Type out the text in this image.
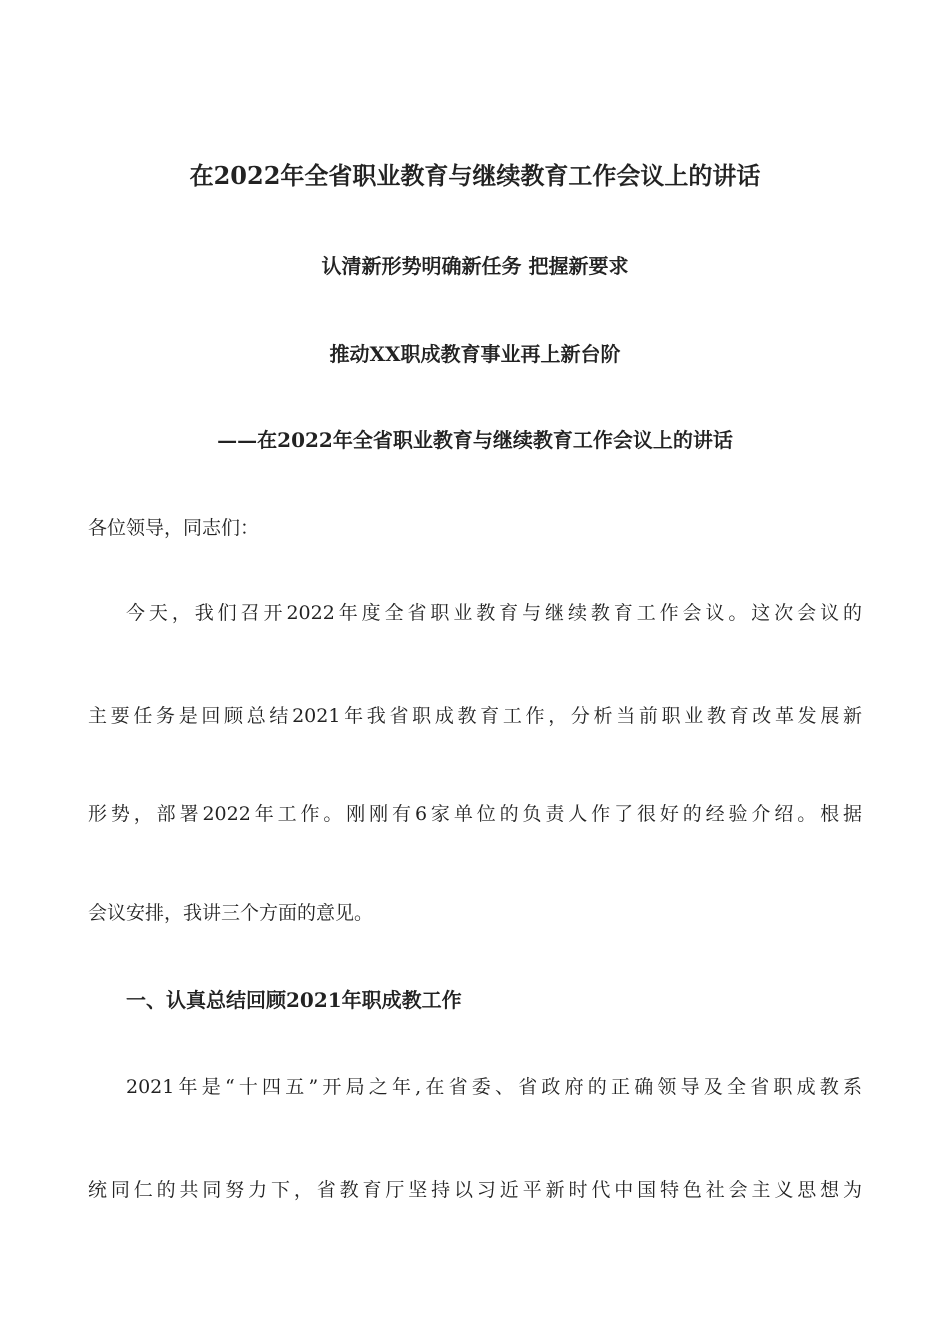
在2022年全省职业教育与继续教育工作会议上的讲话
认清新形势明确新任务 把握新要求
推动XX职成教育事业再上新台阶
——在2022年全省职业教育与继续教育工作会议上的讲话
各位领导，同志们：
今天，我们召开2022年度全省职业教育与继续教育工作会议。这次会议的
主要任务是回顾总结2021年我省职成教育工作，分析当前职业教育改革发展新
形势，部署2022年工作。刚刚有6家单位的负责人作了很好的经验介绍。根据
会议安排，我讲三个方面的意见。
一、认真总结回顾2021年职成教工作
2021年是“十四五”开局之年,在省委、省政府的正确领导及全省职成教系
统同仁的共同努力下，省教育厅坚持以习近平新时代中国特色社会主义思想为
